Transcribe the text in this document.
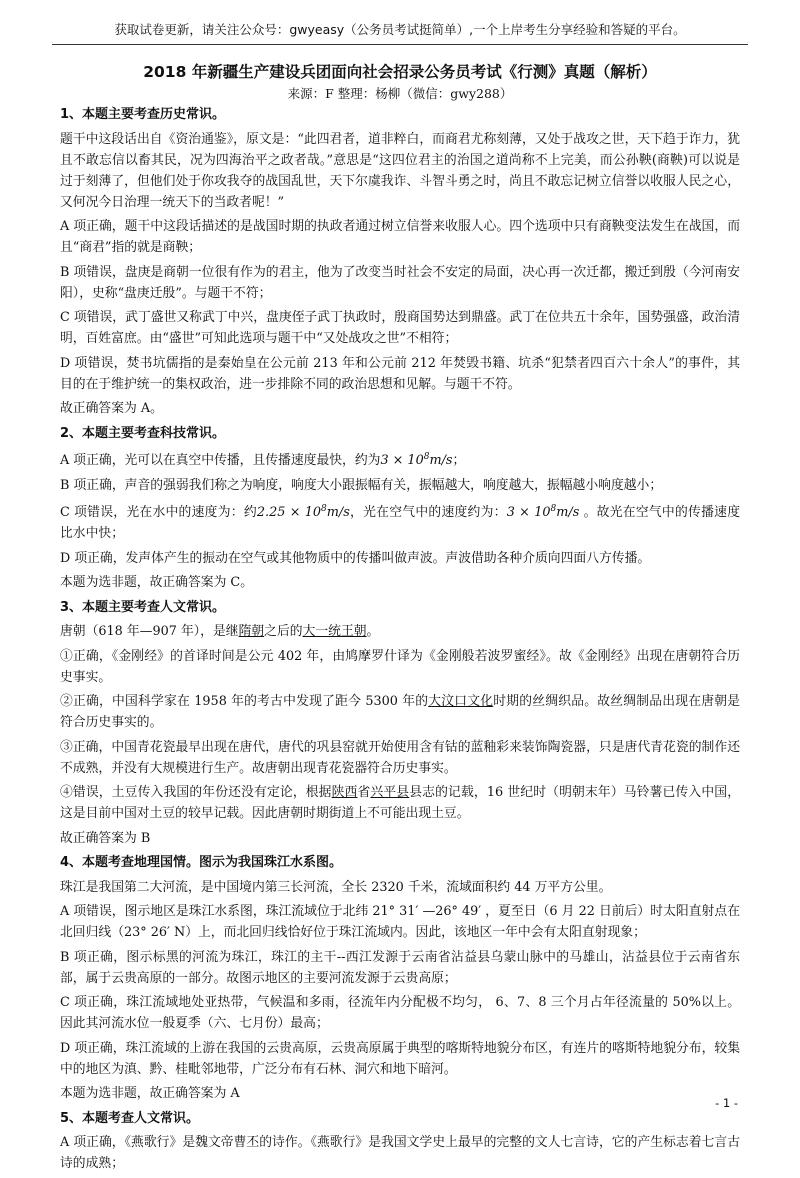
获取试卷更新，请关注公众号：gwyeasy（公务员考试挺简单）,一个上岸考生分享经验和答疑的平台。
2018 年新疆生产建设兵团面向社会招录公务员考试《行测》真题（解析）
来源：F 整理：杨柳（微信：gwy288）

1、本题主要考查历史常识。

题干中这段话出自《资治通鉴》，原文是：“此四君者，道非粹白，而商君尤称刻薄，又处于战攻之世，天下趋于诈力，犹且不敢忘信以畜其民，况为四海治平之政者哉。”意思是“这四位君主的治国之道尚称不上完美，而公孙鞅(商鞅)可以说是过于刻薄了，但他们处于你攻我夺的战国乱世，天下尔虞我诈、斗智斗勇之时，尚且不敢忘记树立信誉以收服人民之心，又何况今日治理一统天下的当政者呢！”

A 项正确，题干中这段话描述的是战国时期的执政者通过树立信誉来收服人心。四个选项中只有商鞅变法发生在战国，而且“商君”指的就是商鞅；

B 项错误，盘庚是商朝一位很有作为的君主，他为了改变当时社会不安定的局面，决心再一次迁都，搬迁到殷（今河南安阳），史称“盘庚迁殷”。与题干不符；

C 项错误，武丁盛世又称武丁中兴，盘庚侄子武丁执政时，殷商国势达到鼎盛。武丁在位共五十余年，国势强盛，政治清明，百姓富庶。由“盛世”可知此选项与题干中“又处战攻之世”不相符；

D 项错误，焚书坑儒指的是秦始皇在公元前 213 年和公元前 212 年焚毁书籍、坑杀“犯禁者四百六十余人”的事件，其目的在于维护统一的集权政治，进一步排除不同的政治思想和见解。与题干不符。

故正确答案为 A。

2、本题主要考查科技常识。

A 项正确，光可以在真空中传播，且传播速度最快，约为$3 \times 10^8m/s$；

B 项正确，声音的强弱我们称之为响度，响度大小跟振幅有关，振幅越大，响度越大，振幅越小响度越小；

C 项错误，光在水中的速度为：约$2.25 \times 10^8m/s$，光在空气中的速度约为：$3 \times 10^8m/s$ 。故光在空气中的传播速度比水中快；

D 项正确，发声体产生的振动在空气或其他物质中的传播叫做声波。声波借助各种介质向四面八方传播。

本题为选非题，故正确答案为 C。

3、本题主要考查人文常识。

唐朝（618 年—907 年），是继隋朝之后的大一统王朝。

①正确，《金刚经》的首译时间是公元 402 年，由鸠摩罗什译为《金刚般若波罗蜜经》。故《金刚经》出现在唐朝符合历史事实。

②正确，中国科学家在 1958 年的考古中发现了距今 5300 年的大汶口文化时期的丝绸织品。故丝绸制品出现在唐朝是符合历史事实的。

③正确，中国青花瓷最早出现在唐代，唐代的巩县窑就开始使用含有钴的蓝釉彩来装饰陶瓷器，只是唐代青花瓷的制作还不成熟，并没有大规模进行生产。故唐朝出现青花瓷器符合历史事实。

④错误，土豆传入我国的年份还没有定论，根据陕西省兴平县县志的记载，16 世纪时（明朝末年）马铃薯已传入中国，这是目前中国对土豆的较早记载。因此唐朝时期街道上不可能出现土豆。

故正确答案为 B

4、本题考查地理国情。图示为我国珠江水系图。

珠江是我国第二大河流，是中国境内第三长河流，全长 2320 千米，流域面积约 44 万平方公里。

A 项错误，图示地区是珠江水系图，珠江流域位于北纬 21° 31′ —26° 49′ ，夏至日（6 月 22 日前后）时太阳直射点在北回归线（23° 26′ N）上，而北回归线恰好位于珠江流域内。因此，该地区一年中会有太阳直射现象；

B 项正确，图示标黑的河流为珠江，珠江的主干--西江发源于云南省沾益县乌蒙山脉中的马雄山，沾益县位于云南省东部，属于云贵高原的一部分。故图示地区的主要河流发源于云贵高原；

C 项正确，珠江流域地处亚热带，气候温和多雨，径流年内分配极不均匀， 6、7、8 三个月占年径流量的 50%以上。因此其河流水位一般夏季（六、七月份）最高；

D 项正确，珠江流域的上游在我国的云贵高原，云贵高原属于典型的喀斯特地貌分布区，有连片的喀斯特地貌分布，较集中的地区为滇、黔、桂毗邻地带，广泛分布有石林、洞穴和地下暗河。

本题为选非题，故正确答案为 A

5、本题考查人文常识。

A 项正确，《燕歌行》是魏文帝曹丕的诗作。《燕歌行》是我国文学史上最早的完整的文人七言诗，它的产生标志着七言古诗的成熟；

- 1 -
